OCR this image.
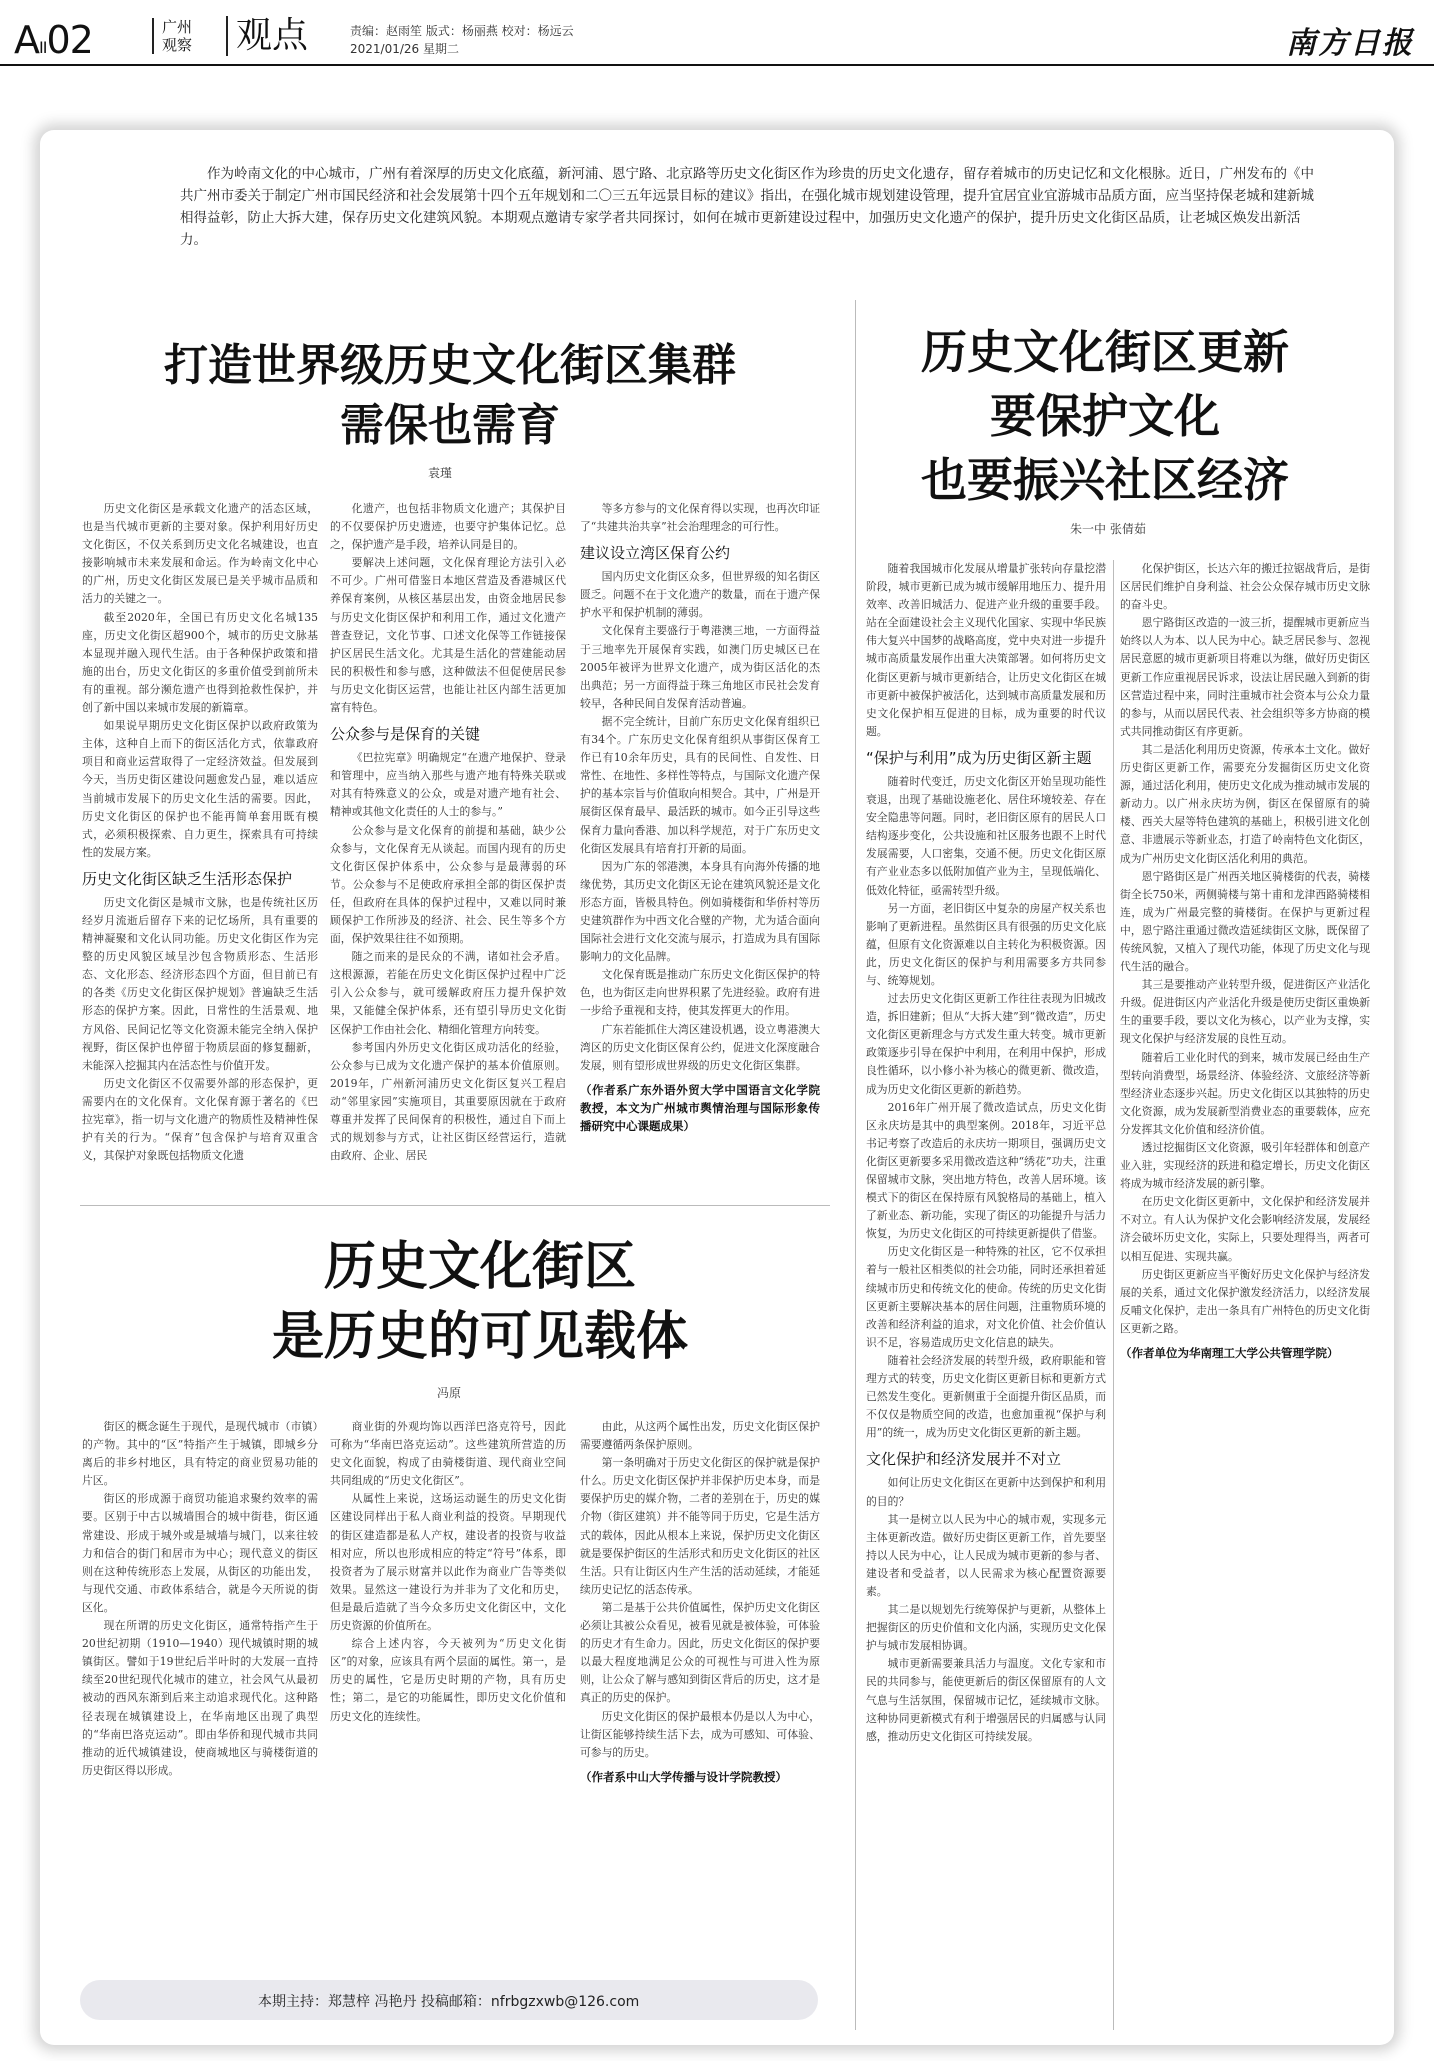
AII02	广州
观察 观点	责编：赵雨笙 版式：杨丽燕 校对：杨远云
2021/01/26 星期二	南方日报
作为岭南文化的中心城市，广州有着深厚的历史文化底蕴，新河浦、恩宁路、北京路等历史文化街区作为珍贵的历史文化遗存，留存着城市的历史记忆和文化根脉。近日，广州发布的《中共广州市委关于制定广州市国民经济和社会发展第十四个五年规划和二〇三五年远景目标的建议》指出，在强化城市规划建设管理，提升宜居宜业宜游城市品质方面，应当坚持保老城和建新城相得益彰，防止大拆大建，保存历史文化建筑风貌。本期观点邀请专家学者共同探讨，如何在城市更新建设过程中，加强历史文化遗产的保护，提升历史文化街区品质，让老城区焕发出新活力。
打造世界级历史文化街区集群
需保也需育
袁瑾

历史文化街区是承载文化遗产的活态区域，也是当代城市更新的主要对象。保护利用好历史文化街区，不仅关系到历史文化名城建设，也直接影响城市未来发展和命运。作为岭南文化中心的广州，历史文化街区发展已是关乎城市品质和活力的关键之一。

截至2020年，全国已有历史文化名城135座，历史文化街区超900个，城市的历史文脉基本显现并融入现代生活。由于各种保护政策和措施的出台，历史文化街区的多重价值受到前所未有的重视。部分濒危遗产也得到抢救性保护，并创了新中国以来城市发展的新篇章。

如果说早期历史文化街区保护以政府政策为主体，这种自上而下的街区活化方式，依靠政府项目和商业运营取得了一定经济效益。但发展到今天，当历史街区建设问题愈发凸显，难以适应当前城市发展下的历史文化生活的需要。因此，历史文化街区的保护也不能再简单套用既有模式，必须积极探索、自力更生，探索具有可持续性的发展方案。

历史文化街区缺乏生活形态保护

历史文化街区是城市文脉，也是传统社区历经岁月流逝后留存下来的记忆场所，具有重要的精神凝聚和文化认同功能。历史文化街区作为完整的历史风貌区域呈沙包含物质形态、生活形态、文化形态、经济形态四个方面，但目前已有的各类《历史文化街区保护规划》普遍缺乏生活形态的保护方案。因此，日常性的生活景观、地方风俗、民间记忆等文化资源未能完全纳入保护视野，街区保护也停留于物质层面的修复翻新，未能深入挖掘其内在活态性与价值开发。

历史文化街区不仅需要外部的形态保护，更需要内在的文化保育。文化保育源于著名的《巴拉宪章》，指一切与文化遗产的物质性及精神性保护有关的行为。“保育”包含保护与培育双重含义，其保护对象既包括物质文化遗

化遗产，也包括非物质文化遗产；其保护目的不仅要保护历史遗迹，也要守护集体记忆。总之，保护遗产是手段，培养认同是目的。

要解决上述问题，文化保育理论方法引入必不可少。广州可借鉴日本地区营造及香港城区代养保育案例，从核区基层出发，由资金地居民参与历史文化街区保护和利用工作，通过文化遗产普查登记，文化节事、口述文化保等工作链接保护区居民生活文化。尤其是生活化的营建能动居民的积极性和参与感，这种做法不但促使居民参与历史文化街区运营，也能让社区内部生活更加富有特色。

公众参与是保育的关键

《巴拉宪章》明确规定“在遗产地保护、登录和管理中，应当纳入那些与遗产地有特殊关联或对其有特殊意义的公众，或是对遗产地有社会、精神或其他文化责任的人士的参与。”

公众参与是文化保育的前提和基础，缺少公众参与，文化保育无从谈起。而国内现有的历史文化街区保护体系中，公众参与是最薄弱的环节。公众参与不足使政府承担全部的街区保护责任，但政府在具体的保护过程中，又难以同时兼顾保护工作所涉及的经济、社会、民生等多个方面，保护效果往往不如预期。

随之而来的是民众的不满，诸如社会矛盾。这根源源，若能在历史文化街区保护过程中广泛引入公众参与，就可缓解政府压力提升保护效果，又能健全保护体系，还有望引导历史文化街区保护工作由社会化、精细化管理方向转变。

参考国内外历史文化街区成功活化的经验，公众参与已成为文化遗产保护的基本价值原则。2019年，广州新河浦历史文化街区复兴工程启动“邻里家园”实施项目，其重要原因就在于政府尊重并发挥了民间保育的积极性，通过自下而上式的规划参与方式，让社区街区经营运行，造就由政府、企业、居民

等多方参与的文化保育得以实现，也再次印证了“共建共治共享”社会治理理念的可行性。

建议设立湾区保育公约

国内历史文化街区众多，但世界级的知名街区匮乏。问题不在于文化遗产的数量，而在于遗产保护水平和保护机制的薄弱。

文化保育主要盛行于粤港澳三地，一方面得益于三地率先开展保育实践，如澳门历史城区已在2005年被评为世界文化遗产，成为街区活化的杰出典范；另一方面得益于珠三角地区市民社会发育较早，各种民间自发保育活动普遍。

据不完全统计，目前广东历史文化保育组织已有34个。广东历史文化保育组织从事街区保育工作已有10余年历史，具有的民间性、自发性、日常性、在地性、多样性等特点，与国际文化遗产保护的基本宗旨与价值取向相契合。其中，广州是开展街区保育最早、最活跃的城市。如今正引导这些保育力量向香港、加以科学规范，对于广东历史文化街区发展具有培育打开新的局面。

因为广东的邻港澳，本身具有向海外传播的地缘优势，其历史文化街区无论在建筑风貌还是文化形态方面，皆极具特色。例如骑楼街和华侨村等历史建筑群作为中西文化合璧的产物，尤为适合面向国际社会进行文化交流与展示，打造成为具有国际影响力的文化品牌。

文化保育既是推动广东历史文化街区保护的特色，也为街区走向世界积累了先进经验。政府有进一步给予重视和支持，使其发挥更大的作用。

广东若能抓住大湾区建设机遇，设立粤港澳大湾区的历史文化街区保育公约，促进文化深度融合发展，则有望形成世界级的历史文化街区集群。

（作者系广东外语外贸大学中国语言文化学院教授，本文为广州城市舆情治理与国际形象传播研究中心课题成果）

历史文化街区
是历史的可见载体
冯原

街区的概念诞生于现代，是现代城市（市镇）的产物。其中的“区”特指产生于城镇，即城乡分离后的非乡村地区，具有特定的商业贸易功能的片区。

街区的形成源于商贸功能追求聚约效率的需要。区别于中古以城墙围合的城中街巷，街区通常建设、形成于城外或是城墙与城门，以来往较力和信合的街门和居市为中心；现代意义的街区则在这种传统形态上发展，从街区的功能出发，与现代交通、市政体系结合，就是今天所说的街区化。

现在所谓的历史文化街区，通常特指产生于20世纪初期（1910—1940）现代城镇时期的城镇街区。譬如于19世纪后半叶时的大发展一直持续至20世纪现代化城市的建立，社会风气从最初被动的西风东渐到后来主动追求现代化。这种路径表现在城镇建设上，在华南地区出现了典型的“华南巴洛克运动”。即由华侨和现代城市共同推动的近代城镇建设，使商城地区与骑楼街道的历史街区得以形成。

商业街的外观均饰以西洋巴洛克符号，因此可称为“华南巴洛克运动”。这些建筑所营造的历史文化面貌，构成了由骑楼街道、现代商业空间共同组成的“历史文化街区”。

从属性上来说，这场运动诞生的历史文化街区建设同样出于私人商业利益的投资。早期现代的街区建造都是私人产权，建设者的投资与收益相对应，所以也形成相应的特定“符号”体系，即投资者为了展示财富并以此作为商业广告等类似效果。显然这一建设行为并非为了文化和历史，但是最后造就了当今众多历史文化街区中，文化历史资源的价值所在。

综合上述内容，今天被列为“历史文化街区”的对象，应该具有两个层面的属性。第一，是历史的属性，它是历史时期的产物，具有历史性；第二，是它的功能属性，即历史文化价值和历史文化的连续性。

由此，从这两个属性出发，历史文化街区保护需要遵循两条保护原则。

第一条明确对于历史文化街区的保护就是保护什么。历史文化街区保护并非保护历史本身，而是要保护历史的媒介物，二者的差别在于，历史的媒介物（街区建筑）并不能等同于历史，它是生活方式的载体，因此从根本上来说，保护历史文化街区就是要保护街区的生活形式和历史文化街区的社区生活。只有让街区内生产生活的活动延续，才能延续历史记忆的活态传承。

第二是基于公共价值属性，保护历史文化街区必须让其被公众看见，被看见就是被体验，可体验的历史才有生命力。因此，历史文化街区的保护要以最大程度地满足公众的可视性与可进入性为原则，让公众了解与感知到街区背后的历史，这才是真正的历史的保护。

历史文化街区的保护最根本仍是以人为中心，让街区能够持续生活下去，成为可感知、可体验、可参与的历史。

（作者系中山大学传播与设计学院教授）

历史文化街区更新
要保护文化
也要振兴社区经济
朱一中 张倩茹

随着我国城市化发展从增量扩张转向存量挖潜阶段，城市更新已成为城市缓解用地压力、提升用效率、改善旧城活力、促进产业升级的重要手段。站在全面建设社会主义现代化国家、实现中华民族伟大复兴中国梦的战略高度，党中央对进一步提升城市高质量发展作出重大决策部署。如何将历史文化街区更新与城市更新结合，让历史文化街区在城市更新中被保护被活化，达到城市高质量发展和历史文化保护相互促进的目标，成为重要的时代议题。

“保护与利用”成为历史街区新主题

随着时代变迁，历史文化街区开始呈现功能性衰退，出现了基础设施老化、居住环境较差、存在安全隐患等问题。同时，老旧街区原有的居民人口结构逐步变化，公共设施和社区服务也跟不上时代发展需要，人口密集，交通不便。历史文化街区原有产业业态多以低附加值产业为主，呈现低端化、低效化特征，亟需转型升级。

另一方面，老旧街区中复杂的房屋产权关系也影响了更新进程。虽然街区具有很强的历史文化底蕴，但原有文化资源难以自主转化为积极资源。因此，历史文化街区的保护与利用需要多方共同参与、统筹规划。

过去历史文化街区更新工作往往表现为旧城改造，拆旧建新；但从“大拆大建”到“微改造”，历史文化街区更新理念与方式发生重大转变。城市更新政策逐步引导在保护中利用，在利用中保护，形成良性循环，以小修小补为核心的微更新、微改造，成为历史文化街区更新的新趋势。

2016年广州开展了微改造试点，历史文化街区永庆坊是其中的典型案例。2018年，习近平总书记考察了改造后的永庆坊一期项目，强调历史文化街区更新要多采用微改造这种“绣花”功夫，注重保留城市文脉，突出地方特色，改善人居环境。该模式下的街区在保持原有风貌格局的基础上，植入了新业态、新功能，实现了街区的功能提升与活力恢复，为历史文化街区的可持续更新提供了借鉴。

历史文化街区是一种特殊的社区，它不仅承担着与一般社区相类似的社会功能，同时还承担着延续城市历史和传统文化的使命。传统的历史文化街区更新主要解决基本的居住问题，注重物质环境的改善和经济利益的追求，对文化价值、社会价值认识不足，容易造成历史文化信息的缺失。

随着社会经济发展的转型升级，政府职能和管理方式的转变，历史文化街区更新目标和更新方式已然发生变化。更新侧重于全面提升街区品质，而不仅仅是物质空间的改造，也愈加重视“保护与利用”的统一，成为历史文化街区更新的新主题。

文化保护和经济发展并不对立

如何让历史文化街区在更新中达到保护和利用的目的？

其一是树立以人民为中心的城市观，实现多元主体更新改造。做好历史街区更新工作，首先要坚持以人民为中心，让人民成为城市更新的参与者、建设者和受益者，以人民需求为核心配置资源要素。

其二是以规划先行统筹保护与更新，从整体上把握街区的历史价值和文化内涵，实现历史文化保护与城市发展相协调。

城市更新需要兼具活力与温度。文化专家和市民的共同参与，能使更新后的街区保留原有的人文气息与生活氛围，保留城市记忆，延续城市文脉。这种协同更新模式有利于增强居民的归属感与认同感，推动历史文化街区可持续发展。

化保护街区，长达六年的搬迁拉锯战背后，是街区居民们维护自身利益、社会公众保存城市历史文脉的奋斗史。

恩宁路街区改造的一波三折，提醒城市更新应当始终以人为本、以人民为中心。缺乏居民参与、忽视居民意愿的城市更新项目将难以为继，做好历史街区更新工作应重视居民诉求，设法让居民融入到新的街区营造过程中来，同时注重城市社会资本与公众力量的参与，从而以居民代表、社会组织等多方协商的模式共同推动街区有序更新。

其二是活化利用历史资源，传承本土文化。做好历史街区更新工作，需要充分发掘街区历史文化资源，通过活化利用，使历史文化成为推动城市发展的新动力。以广州永庆坊为例，街区在保留原有的骑楼、西关大屋等特色建筑的基础上，积极引进文化创意、非遗展示等新业态，打造了岭南特色文化街区，成为广州历史文化街区活化利用的典范。

恩宁路街区是广州西关地区骑楼街的代表，骑楼街全长750米，两侧骑楼与第十甫和龙津西路骑楼相连，成为广州最完整的骑楼街。在保护与更新过程中，恩宁路注重通过微改造延续街区文脉，既保留了传统风貌，又植入了现代功能，体现了历史文化与现代生活的融合。

其三是要推动产业转型升级，促进街区产业活化升级。促进街区内产业活化升级是使历史街区重焕新生的重要手段，要以文化为核心，以产业为支撑，实现文化保护与经济发展的良性互动。

随着后工业化时代的到来，城市发展已经由生产型转向消费型，场景经济、体验经济、文旅经济等新型经济业态逐步兴起。历史文化街区以其独特的历史文化资源，成为发展新型消费业态的重要载体，应充分发挥其文化价值和经济价值。

透过挖掘街区文化资源，吸引年轻群体和创意产业入驻，实现经济的跃进和稳定增长，历史文化街区将成为城市经济发展的新引擎。

在历史文化街区更新中，文化保护和经济发展并不对立。有人认为保护文化会影响经济发展，发展经济会破坏历史文化，实际上，只要处理得当，两者可以相互促进、实现共赢。

历史街区更新应当平衡好历史文化保护与经济发展的关系，通过文化保护激发经济活力，以经济发展反哺文化保护，走出一条具有广州特色的历史文化街区更新之路。

（作者单位为华南理工大学公共管理学院）

本期主持：郑慧梓 冯艳丹 投稿邮箱：nfrbgzxwb@126.com
